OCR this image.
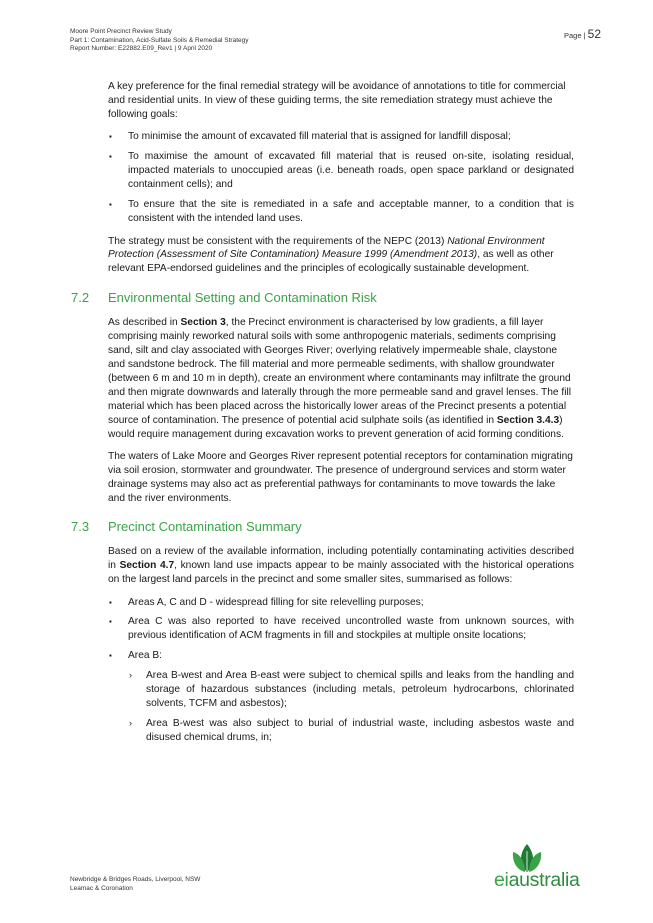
Moore Point Precinct Review Study
Part 1: Contamination, Acid-Sulfate Soils & Remedial Strategy
Report Number: E22882.E09_Rev1 | 9 April 2020
Page | 52

A key preference for the final remedial strategy will be avoidance of annotations to title for commercial and residential units. In view of these guiding terms, the site remediation strategy must achieve the following goals:

▪ To minimise the amount of excavated fill material that is assigned for landfill disposal;
▪ To maximise the amount of excavated fill material that is reused on-site, isolating residual, impacted materials to unoccupied areas (i.e. beneath roads, open space parkland or designated containment cells); and
▪ To ensure that the site is remediated in a safe and acceptable manner, to a condition that is consistent with the intended land uses.

The strategy must be consistent with the requirements of the NEPC (2013) National Environment Protection (Assessment of Site Contamination) Measure 1999 (Amendment 2013), as well as other relevant EPA-endorsed guidelines and the principles of ecologically sustainable development.

7.2 Environmental Setting and Contamination Risk

As described in Section 3, the Precinct environment is characterised by low gradients, a fill layer comprising mainly reworked natural soils with some anthropogenic materials, sediments comprising sand, silt and clay associated with Georges River; overlying relatively impermeable shale, claystone and sandstone bedrock. The fill material and more permeable sediments, with shallow groundwater (between 6 m and 10 m in depth), create an environment where contaminants may infiltrate the ground and then migrate downwards and laterally through the more permeable sand and gravel lenses. The fill material which has been placed across the historically lower areas of the Precinct presents a potential source of contamination. The presence of potential acid sulphate soils (as identified in Section 3.4.3) would require management during excavation works to prevent generation of acid forming conditions.

The waters of Lake Moore and Georges River represent potential receptors for contamination migrating via soil erosion, stormwater and groundwater. The presence of underground services and storm water drainage systems may also act as preferential pathways for contaminants to move towards the lake and the river environments.

7.3 Precinct Contamination Summary

Based on a review of the available information, including potentially contaminating activities described in Section 4.7, known land use impacts appear to be mainly associated with the historical operations on the largest land parcels in the precinct and some smaller sites, summarised as follows:

▪ Areas A, C and D - widespread filling for site relevelling purposes;
▪ Area C was also reported to have received uncontrolled waste from unknown sources, with previous identification of ACM fragments in fill and stockpiles at multiple onsite locations;
▪ Area B:
› Area B-west and Area B-east were subject to chemical spills and leaks from the handling and storage of hazardous substances (including metals, petroleum hydrocarbons, chlorinated solvents, TCFM and asbestos);
› Area B-west was also subject to burial of industrial waste, including asbestos waste and disused chemical drums, in;
Newbridge & Bridges Roads, Liverpool, NSW
Leamac & Coronation	eiaustralia
